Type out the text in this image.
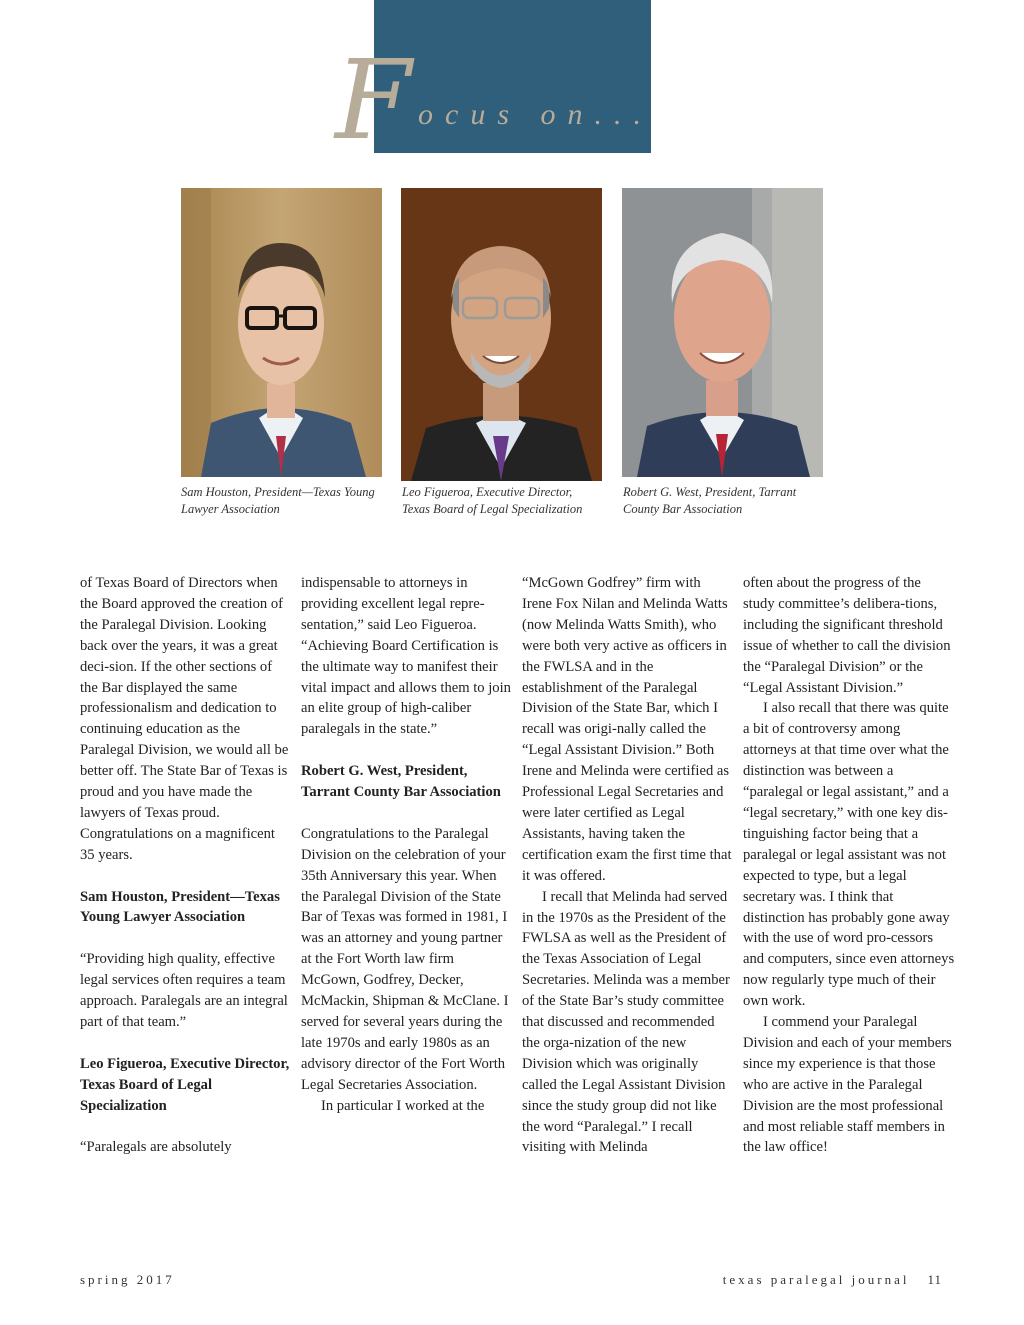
F ocus on...
Sam Houston, President—Texas Young Lawyer Association
Leo Figueroa, Executive Director, Texas Board of Legal Specialization
Robert G. West, President, Tarrant County Bar Association

of Texas Board of Directors when the Board approved the creation of the Paralegal Division. Looking back over the years, it was a great deci-sion. If the other sections of the Bar displayed the same professionalism and dedication to continuing education as the Paralegal Division, we would all be better off. The State Bar of Texas is proud and you have made the lawyers of Texas proud. Congratulations on a magnificent 35 years.

Sam Houston, President—Texas Young Lawyer Association

“Providing high quality, effective legal services often requires a team approach. Paralegals are an integral part of that team.”

Leo Figueroa, Executive Director, Texas Board of Legal Specialization

“Paralegals are absolutely

indispensable to attorneys in providing excellent legal repre-sentation,” said Leo Figueroa. “Achieving Board Certification is the ultimate way to manifest their vital impact and allows them to join an elite group of high-caliber paralegals in the state.”

Robert G. West, President, Tarrant County Bar Association

Congratulations to the Paralegal Division on the celebration of your 35th Anniversary this year. When the Paralegal Division of the State Bar of Texas was formed in 1981, I was an attorney and young partner at the Fort Worth law firm McGown, Godfrey, Decker, McMackin, Shipman & McClane. I served for several years during the late 1970s and early 1980s as an advisory director of the Fort Worth Legal Secretaries Association.

In particular I worked at the

“McGown Godfrey” firm with Irene Fox Nilan and Melinda Watts (now Melinda Watts Smith), who were both very active as officers in the FWLSA and in the establishment of the Paralegal Division of the State Bar, which I recall was origi-nally called the “Legal Assistant Division.” Both Irene and Melinda were certified as Professional Legal Secretaries and were later certified as Legal Assistants, having taken the certification exam the first time that it was offered.

I recall that Melinda had served in the 1970s as the President of the FWLSA as well as the President of the Texas Association of Legal Secretaries. Melinda was a member of the State Bar’s study committee that discussed and recommended the orga-nization of the new Division which was originally called the Legal Assistant Division since the study group did not like the word “Paralegal.” I recall visiting with Melinda

often about the progress of the study committee’s delibera-tions, including the significant threshold issue of whether to call the division the “Paralegal Division” or the “Legal Assistant Division.”

I also recall that there was quite a bit of controversy among attorneys at that time over what the distinction was between a “paralegal or legal assistant,” and a “legal secretary,” with one key dis-tinguishing factor being that a paralegal or legal assistant was not expected to type, but a legal secretary was. I think that distinction has probably gone away with the use of word pro-cessors and computers, since even attorneys now regularly type much of their own work.

I commend your Paralegal Division and each of your members since my experience is that those who are active in the Paralegal Division are the most professional and most reliable staff members in the law office!

spring 2017	texas paralegal journal 11
